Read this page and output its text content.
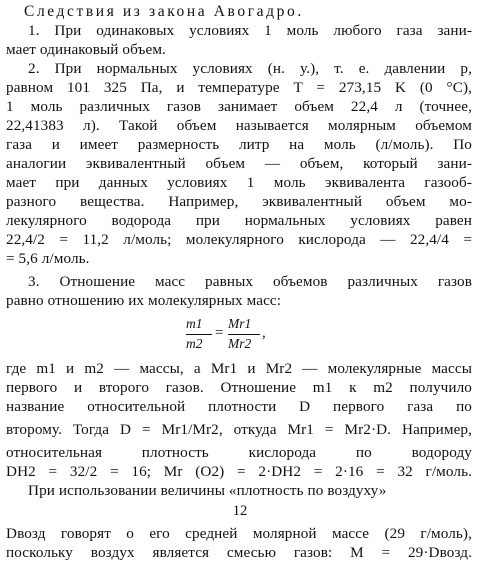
Следствия из закона Авогадро.
1. При одинаковых условиях 1 моль любого газа зани-
мает одинаковый объем.
2. При нормальных условиях (н. у.), т. е. давлении p,
равном 101 325 Па, и температуре T = 273,15 K (0 °C),
1 моль различных газов занимает объем 22,4 л (точнее,
22,41383 л). Такой объем называется молярным объемом
газа и имеет размерность литр на моль (л/моль). По
аналогии эквивалентный объем — объем, который зани-
мает при данных условиях 1 моль эквивалента газооб-
разного вещества. Например, эквивалентный объем мо-
лекулярного водорода при нормальных условиях равен
22,4/2 = 11,2 л/моль; молекулярного кислорода — 22,4/4 =
= 5,6 л/моль.
3. Отношение масс равных объемов различных газов
равно отношению их молекулярных масс:
m1
m2
=
Mr1
Mr2
,
где m1 и m2 — массы, а Mr1 и Mr2 — молекулярные массы
первого и второго газов. Отношение m1 к m2 получило
название относительной плотности D первого газа по
второму. Тогда D = Mr1/Mr2, откуда Mr1 = Mr2·D. Например,
относительная плотность кислорода по водороду
DH2 = 32/2 = 16; Mr (O2) = 2·DH2 = 2·16 = 32 г/моль.
При использовании величины «плотность по воздуху»
12
Dвозд говорят о его средней молярной массе (29 г/моль),
поскольку воздух является смесью газов: M = 29·Dвозд.
